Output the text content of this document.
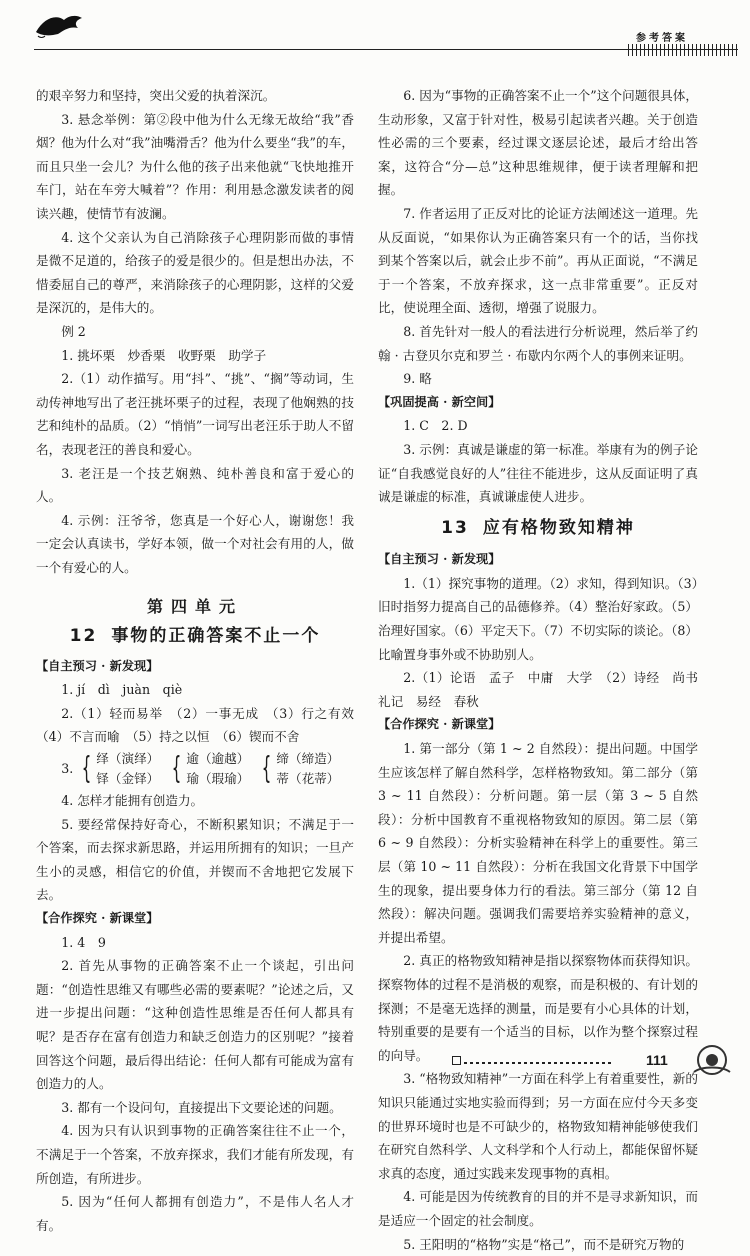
参考答案

的艰辛努力和坚持，突出父爱的执着深沉。

3. 悬念举例：第②段中他为什么无缘无故给“我”香烟？他为什么对“我”油嘴滑舌？他为什么要坐“我”的车，而且只坐一会儿？为什么他的孩子出来他就“飞快地推开车门，站在车旁大喊着”？作用：利用悬念激发读者的阅读兴趣，使情节有波澜。

4. 这个父亲认为自己消除孩子心理阴影而做的事情是微不足道的，给孩子的爱是很少的。但是想出办法，不惜委屈自己的尊严，来消除孩子的心理阴影，这样的父爱是深沉的，是伟大的。

例 2

1. 挑坏栗　炒香栗　收野栗　助学子

2.（1）动作描写。用“抖”、“挑”、“搁”等动词，生动传神地写出了老汪挑坏栗子的过程，表现了他娴熟的技艺和纯朴的品质。（2）“悄悄”一词写出老汪乐于助人不留名，表现老汪的善良和爱心。

3. 老汪是一个技艺娴熟、纯朴善良和富于爱心的人。

4. 示例：汪爷爷，您真是一个好心人，谢谢您！我一定会认真读书，学好本领，做一个对社会有用的人，做一个有爱心的人。

第四单元
12 事物的正确答案不止一个

【自主预习 · 新发现】

1. jí　dì　juàn　qiè

2.（1）轻而易举　（2）一事无成　（3）行之有效　（4）不言而喻　（5）持之以恒　（6）锲而不舍

3. { 绎（演绎）
铎（金铎） { 逾（逾越）
瑜（瑕瑜） { 缔（缔造）
蒂（花蒂）

4. 怎样才能拥有创造力。

5. 要经常保持好奇心，不断积累知识；不满足于一个答案，而去探求新思路，并运用所拥有的知识；一旦产生小的灵感，相信它的价值，并锲而不舍地把它发展下去。

【合作探究 · 新课堂】

1. 4　9

2. 首先从事物的正确答案不止一个谈起，引出问题：“创造性思维又有哪些必需的要素呢？”论述之后，又进一步提出问题：“这种创造性思维是否任何人都具有呢？是否存在富有创造力和缺乏创造力的区别呢？”接着回答这个问题，最后得出结论：任何人都有可能成为富有创造力的人。

3. 都有一个设问句，直接提出下文要论述的问题。

4. 因为只有认识到事物的正确答案往往不止一个，不满足于一个答案，不放弃探求，我们才能有所发现，有所创造，有所进步。

5. 因为“任何人都拥有创造力”，不是伟人名人才有。

6. 因为“事物的正确答案不止一个”这个问题很具体，生动形象，又富于针对性，极易引起读者兴趣。关于创造性必需的三个要素，经过课文逐层论述，最后才给出答案，这符合“分—总”这种思维规律，便于读者理解和把握。

7. 作者运用了正反对比的论证方法阐述这一道理。先从反面说，“如果你认为正确答案只有一个的话，当你找到某个答案以后，就会止步不前”。再从正面说，“不满足于一个答案，不放弃探求，这一点非常重要”。正反对比，使说理全面、透彻，增强了说服力。

8. 首先针对一般人的看法进行分析说理，然后举了约翰 · 古登贝尔克和罗兰 · 布歇内尔两个人的事例来证明。

9. 略

【巩固提高 · 新空间】

1. C　2. D

3. 示例：真诚是谦虚的第一标准。举康有为的例子论证“自我感觉良好的人”往往不能进步，这从反面证明了真诚是谦虚的标准，真诚谦虚使人进步。

13 应有格物致知精神

【自主预习 · 新发现】

1.（1）探究事物的道理。（2）求知，得到知识。（3）旧时指努力提高自己的品德修养。（4）整治好家政。（5）治理好国家。（6）平定天下。（7）不切实际的谈论。（8）比喻置身事外或不协助别人。

2.（1）论语　孟子　中庸　大学　（2）诗经　尚书　礼记　易经　春秋

【合作探究 · 新课堂】

1. 第一部分（第 1 ~ 2 自然段）：提出问题。中国学生应该怎样了解自然科学，怎样格物致知。第二部分（第 3 ~ 11 自然段）：分析问题。第一层（第 3 ~ 5 自然段）：分析中国教育不重视格物致知的原因。第二层（第 6 ~ 9 自然段）：分析实验精神在科学上的重要性。第三层（第 10 ~ 11 自然段）：分析在我国文化背景下中国学生的现象，提出要身体力行的看法。第三部分（第 12 自然段）：解决问题。强调我们需要培养实验精神的意义，并提出希望。

2. 真正的格物致知精神是指以探察物体而获得知识。探察物体的过程不是消极的观察，而是积极的、有计划的探测；不是毫无选择的测量，而是要有小心具体的计划，特别重要的是要有一个适当的目标，以作为整个探察过程的向导。

3. “格物致知精神”一方面在科学上有着重要性，新的知识只能通过实地实验而得到；另一方面在应付今天多变的世界环境时也是不可缺少的，格物致知精神能够使我们在研究自然科学、人文科学和个人行动上，都能保留怀疑求真的态度，通过实践来发现事物的真相。

4. 可能是因为传统教育的目的并不是寻求新知识，而是适应一个固定的社会制度。

5. 王阳明的“格物”实是“格己”，而不是研究万物的

111
